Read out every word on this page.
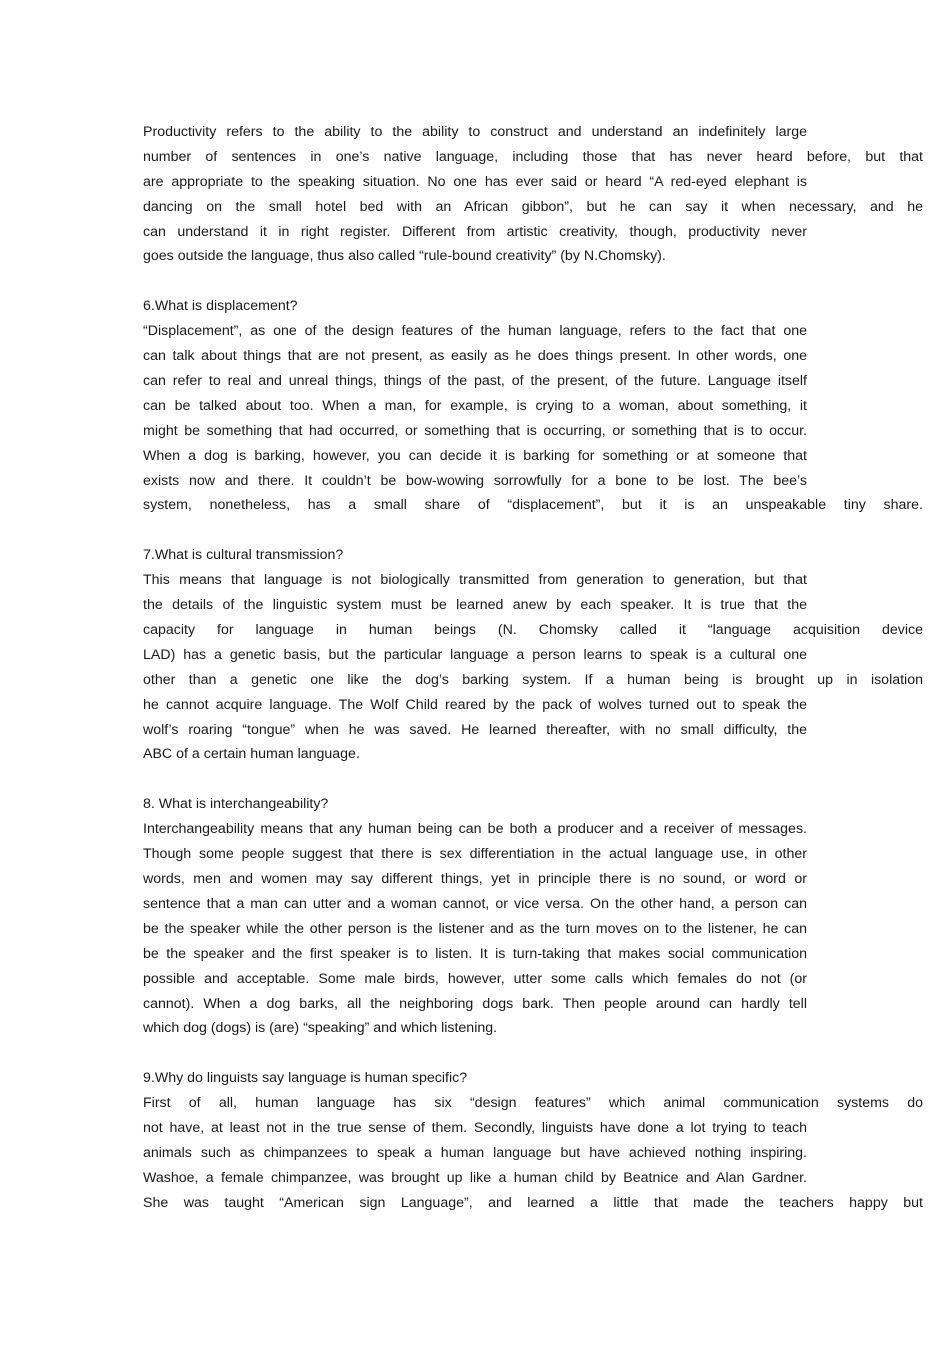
Productivity refers to the ability to the ability to construct and understand an indefinitely large
number of sentences in one’s native language, including those that has never heard before, but that
are appropriate to the speaking situation. No one has ever said or heard “A red-eyed elephant is
dancing on the small hotel bed with an African gibbon”, but he can say it when necessary, and he
can understand it in right register. Different from artistic creativity, though, productivity never
goes outside the language, thus also called “rule-bound creativity” (by N.Chomsky).
6.What is displacement?
“Displacement”, as one of the design features of the human language, refers to the fact that one
can talk about things that are not present, as easily as he does things present. In other words, one
can refer to real and unreal things, things of the past, of the present, of the future. Language itself
can be talked about too. When a man, for example, is crying to a woman, about something, it
might be something that had occurred, or something that is occurring, or something that is to occur.
When a dog is barking, however, you can decide it is barking for something or at someone that
exists now and there. It couldn’t be bow-wowing sorrowfully for a bone to be lost. The bee’s
system, nonetheless, has a small share of “displacement”, but it is an unspeakable tiny share.
7.What is cultural transmission?
This means that language is not biologically transmitted from generation to generation, but that
the details of the linguistic system must be learned anew by each speaker. It is true that the
capacity for language in human beings (N. Chomsky called it “language acquisition device
LAD) has a genetic basis, but the particular language a person learns to speak is a cultural one
other than a genetic one like the dog’s barking system. If a human being is brought up in isolation
he cannot acquire language. The Wolf Child reared by the pack of wolves turned out to speak the
wolf’s roaring “tongue” when he was saved. He learned thereafter, with no small difficulty, the
ABC of a certain human language.
8. What is interchangeability?
Interchangeability means that any human being can be both a producer and a receiver of messages.
Though some people suggest that there is sex differentiation in the actual language use, in other
words, men and women may say different things, yet in principle there is no sound, or word or
sentence that a man can utter and a woman cannot, or vice versa. On the other hand, a person can
be the speaker while the other person is the listener and as the turn moves on to the listener, he can
be the speaker and the first speaker is to listen. It is turn-taking that makes social communication
possible and acceptable. Some male birds, however, utter some calls which females do not (or
cannot). When a dog barks, all the neighboring dogs bark. Then people around can hardly tell
which dog (dogs) is (are) “speaking” and which listening.
9.Why do linguists say language is human specific?
First of all, human language has six “design features” which animal communication systems do
not have, at least not in the true sense of them. Secondly, linguists have done a lot trying to teach
animals such as chimpanzees to speak a human language but have achieved nothing inspiring.
Washoe, a female chimpanzee, was brought up like a human child by Beatnice and Alan Gardner.
She was taught “American sign Language”, and learned a little that made the teachers happy but
